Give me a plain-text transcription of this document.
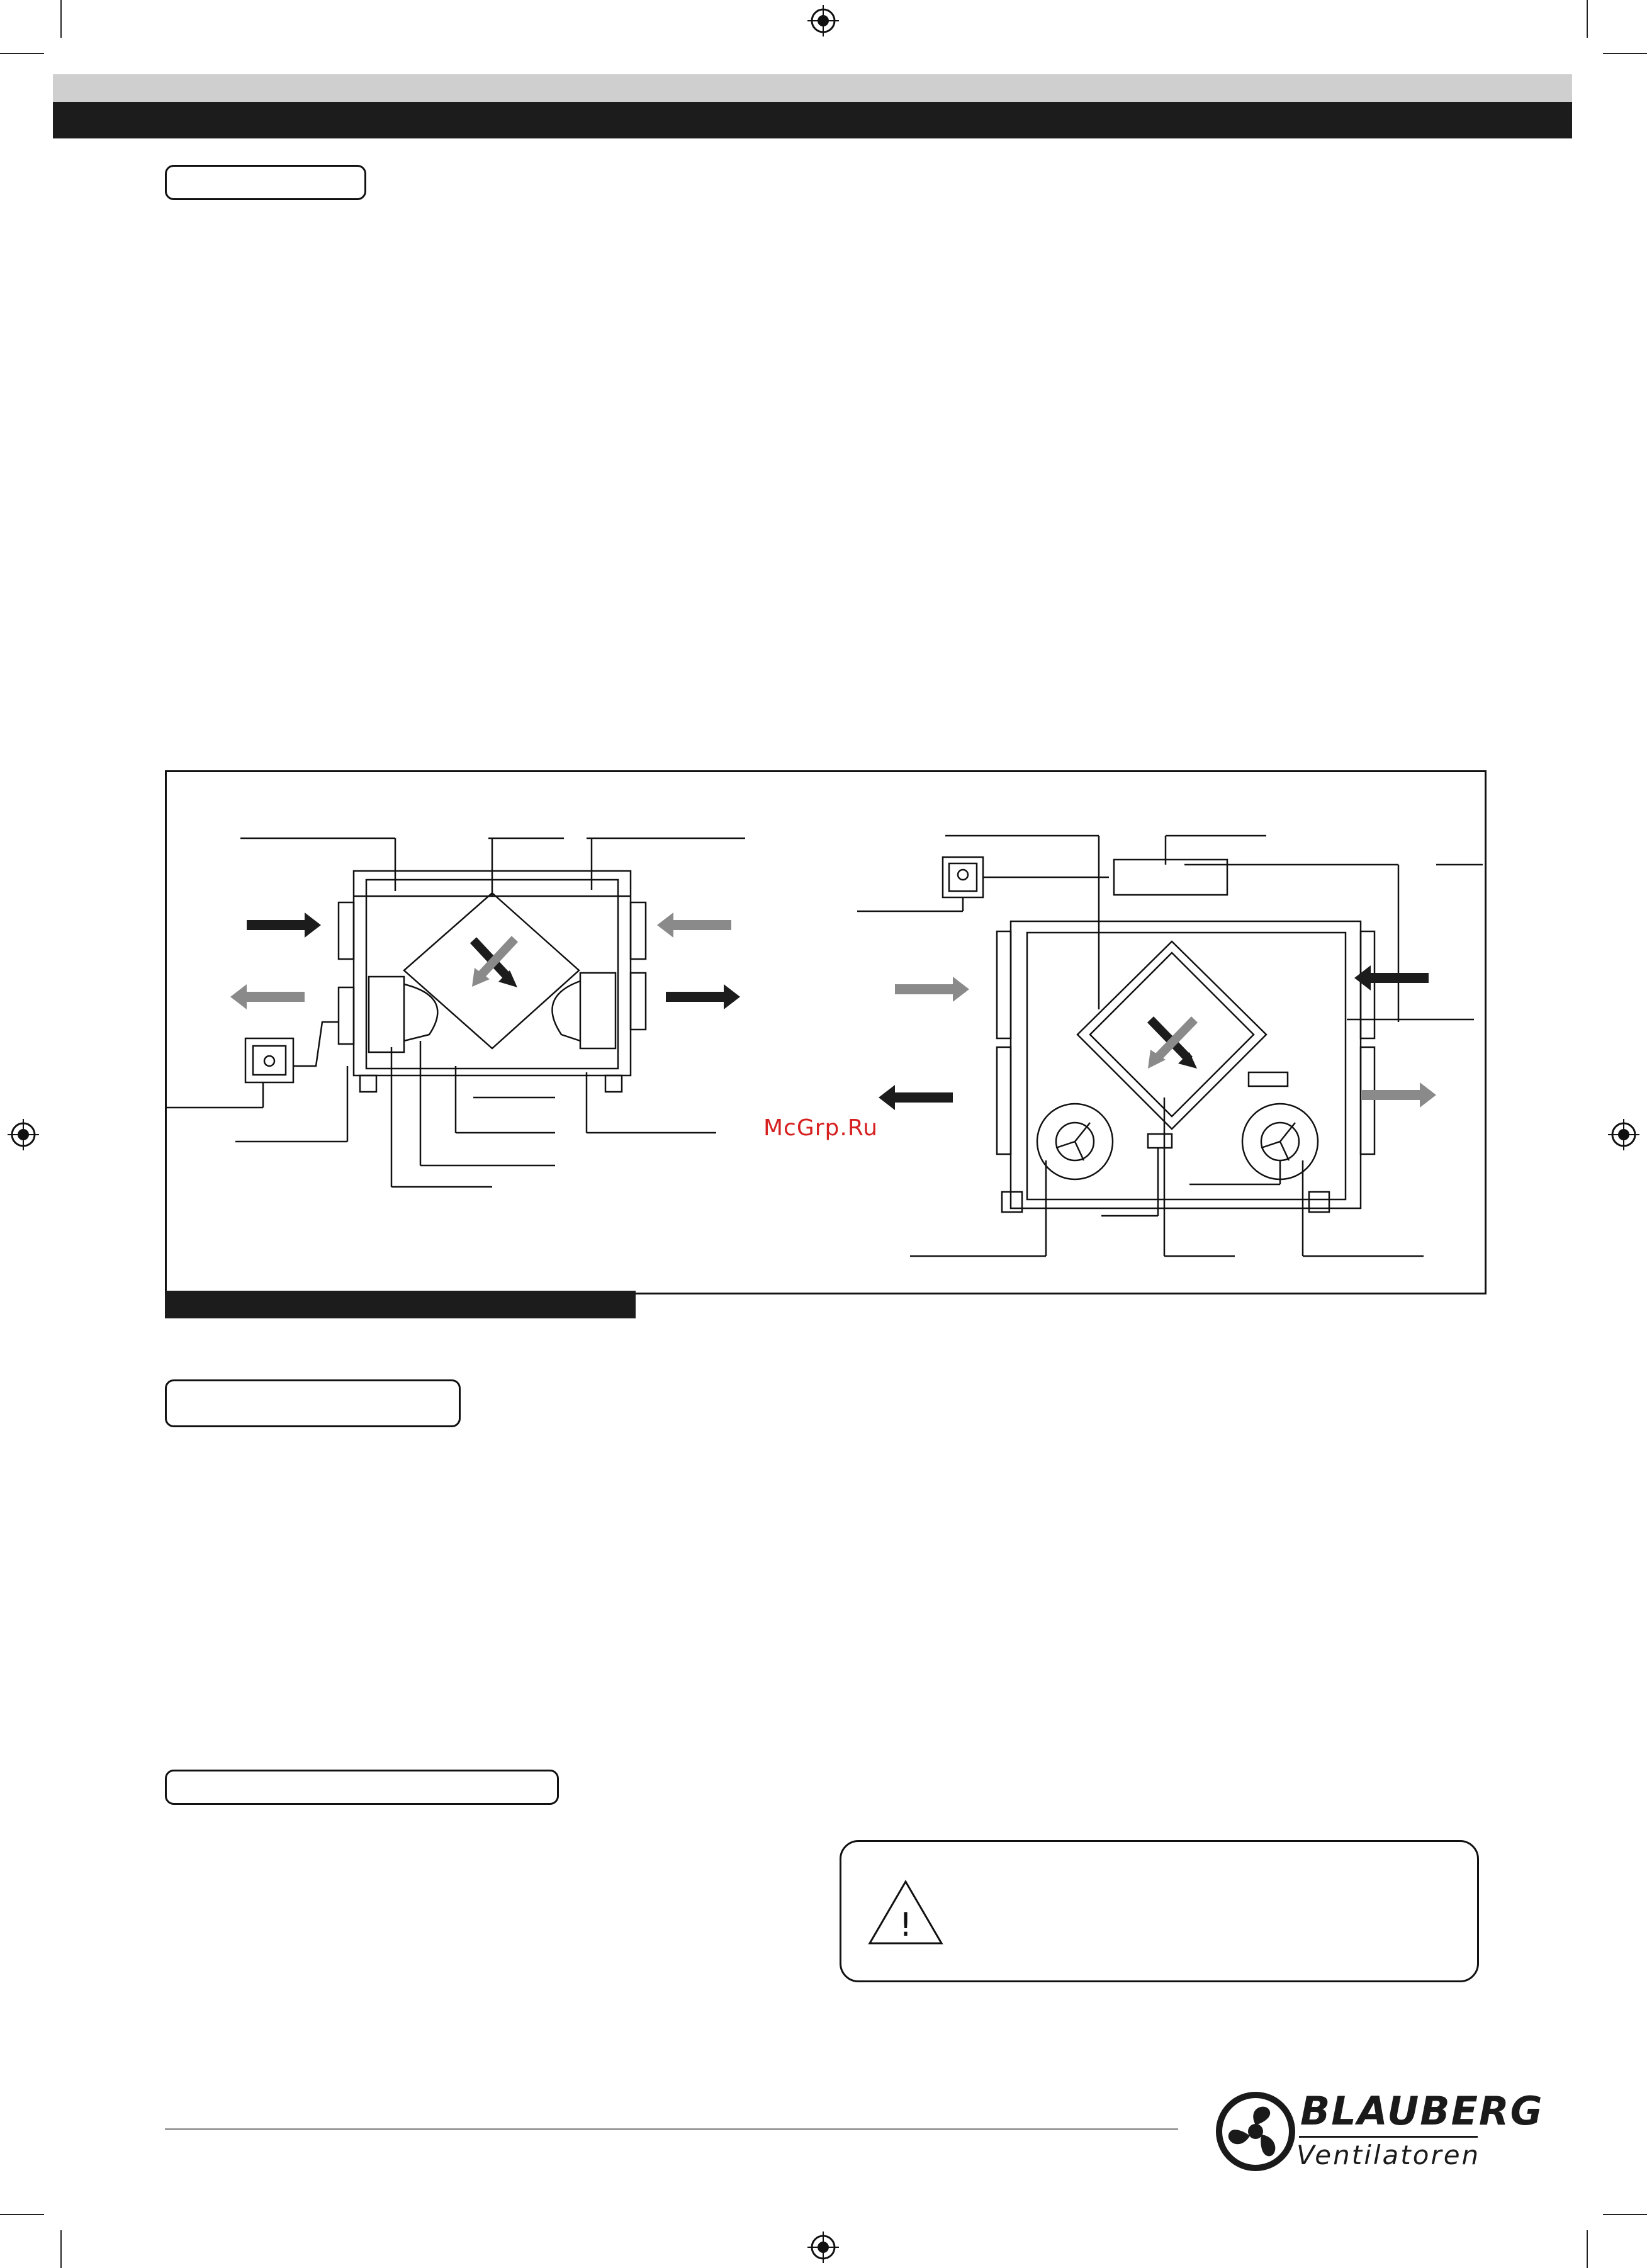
McGrp.Ru
!
BLAUBERG
Ventilatoren
